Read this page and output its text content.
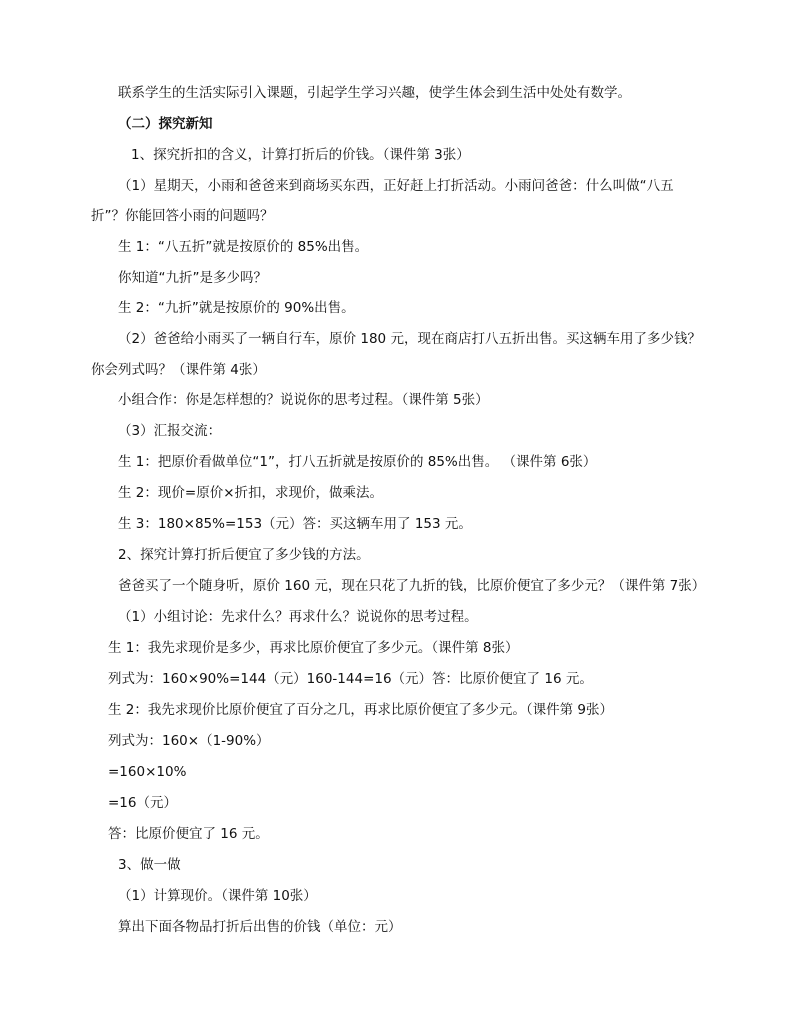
联系学生的生活实际引入课题，引起学生学习兴趣，使学生体会到生活中处处有数学。
（二）探究新知
1、探究折扣的含义，计算打折后的价钱。（课件第 3张）
（1）星期天，小雨和爸爸来到商场买东西，正好赶上打折活动。小雨问爸爸：什么叫做“八五
折”？你能回答小雨的问题吗？
生 1：“八五折”就是按原价的 85%出售。
你知道“九折”是多少吗？
生 2：“九折”就是按原价的 90%出售。
（2）爸爸给小雨买了一辆自行车，原价 180 元，现在商店打八五折出售。买这辆车用了多少钱？
你会列式吗？（课件第 4张）
小组合作：你是怎样想的？说说你的思考过程。（课件第 5张）
（3）汇报交流：
生 1：把原价看做单位“1”，打八五折就是按原价的 85%出售。 （课件第 6张）
生 2：现价=原价×折扣，求现价，做乘法。
生 3：180×85%=153（元）答：买这辆车用了 153 元。
2、探究计算打折后便宜了多少钱的方法。
爸爸买了一个随身听，原价 160 元，现在只花了九折的钱，比原价便宜了多少元？（课件第 7张）
（1）小组讨论：先求什么？再求什么？说说你的思考过程。
生 1：我先求现价是多少，再求比原价便宜了多少元。（课件第 8张）
列式为：160×90%=144（元）160-144=16（元）答：比原价便宜了 16 元。
生 2：我先求现价比原价便宜了百分之几，再求比原价便宜了多少元。（课件第 9张）
列式为：160×（1-90%）
=160×10%
=16（元）
答：比原价便宜了 16 元。
3、做一做
（1）计算现价。（课件第 10张）
算出下面各物品打折后出售的价钱（单位：元）
